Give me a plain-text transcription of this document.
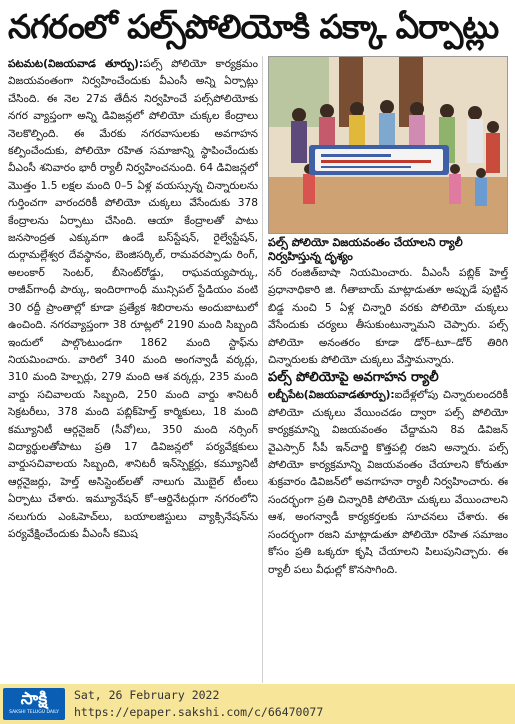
నగరంలో పల్స్‌పోలియోకి పక్కా ఏర్పాట్లు

పటమట(విజయవాడ తూర్పు):పల్స్ పోలియో కార్యక్రమం విజయవంతంగా నిర్వహించేందుకు వీఎంసీ అన్ని ఏర్పాట్లు చేసింది. ఈ నెల 27వ తేదీన నిర్వహించే పల్స్‌పోలియోకు నగర వ్యాప్తంగా అన్ని డివిజన్లలో పోలియో చుక్కల కేంద్రాలు నెలకొల్పింది. ఈ మేరకు నగరవాసులకు అవగాహన కల్పించేందుకు, పోలియో రహిత సమాజాన్ని స్థాపించేందుకు వీఎంసీ శనివారం భారీ ర్యాలీ నిర్వహించనుంది. 64 డివిజన్లలో మొత్తం 1.5 లక్షల మంది 0–5 ఏళ్ల వయస్సున్న చిన్నారులను గుర్తించగా వారందరికీ పోలియో చుక్కలు వేసేందుకు 378 కేంద్రాలను ఏర్పాటు చేసింది. ఆయా కేంద్రాలతో పాటు జనసాంద్రత ఎక్కువగా ఉండే బస్‌స్టేషన్, రైల్వేస్టేషన్, దుర్గామల్లేశ్వర దేవస్థానం, బెంజిసర్కిల్, రామవరప్పాడు రింగ్, అలంకార్ సెంటర్, బీసెంట్‌రోడ్డు, రాఘవయ్యపార్కు, రాజీవ్‌గాంధీ పార్కు, ఇందిరాగాంధీ మున్సిపల్ స్టేడియం వంటి 30 రద్దీ ప్రాంతాల్లో కూడా ప్రత్యేక శిబిరాలను అందుబాటులో ఉంచింది. నగరవ్యాప్తంగా 38 రూట్లలో 2190 మంది సిబ్బంది ఇందులో పాల్గొంటుండగా 1862 మంది స్టాఫ్‌ను నియమించారు. వారిలో 340 మంది అంగన్వాడీ వర్కర్లు, 310 మంది హెల్పర్లు, 279 మంది ఆశ వర్కర్లు, 235 మంది వార్డు సచివాలయ సిబ్బంది, 250 మంది వార్డు శానిటరీ సెక్రటరీలు, 378 మంది పబ్లిక్‌హెల్త్ కార్మికులు, 18 మంది కమ్యూనిటీ ఆర్గనైజర్ (సీవో)లు, 350 మంది నర్సింగ్ విద్యార్థులతోపాటు ప్రతి 17 డివిజన్లలో పర్యవేక్షకులు వార్డుసచివాలయ సిబ్బంది, శానిటరీ ఇన్‌స్పెక్టర్లు, కమ్యూనిటీ ఆర్గనైజర్లు, హెల్త్ అసిస్టెంట్‌లతో నాలుగు మొబైల్ టీంలు ఏర్పాటు చేశారు. ఇమ్యూనేషన్ కో–ఆర్డినేటర్లుగా నగరంలోని నలుగురు ఎంఓహెచ్‌లు, బయాలజిస్టులు వ్యాక్సినేషన్‌ను పర్యవేక్షించేందుకు వీఎంసీ కమిష

పల్స్ పోలియో విజయవంతం చేయాలని ర్యాలీ నిర్వహిస్తున్న దృశ్యం

నర్ రంజిత్‌బాషా నియమించారు. వీఎంసీ పబ్లిక్ హెల్త్ ప్రధానాధికారి జి. గీతాబాయ్ మాట్లాడుతూ అప్పుడే పుట్టిన బిడ్డ నుంచి 5 ఏళ్ల చిన్నారి వరకు పోలియో చుక్కలు వేసేందుకు చర్యలు తీసుకుంటున్నామని చెప్పారు. పల్స్ పోలియో అనంతరం కూడా డోర్–టూ–డోర్ తిరిగి చిన్నారులకు పోలియో చుక్కలు వేస్తామన్నారు.

పల్స్ పోలియోపై అవగాహన ర్యాలీ

లబ్బీపేట(విజయవాడతూర్పు):ఐదేళ్లలోపు చిన్నారులందరికీ పోలియో చుక్కలు వేయించడం ద్వారా పల్స్ పోలియో కార్యక్రమాన్ని విజయవంతం చేద్దామని 8వ డివిజన్ వైఎస్సార్ సీపీ ఇన్‌చార్జి కొత్తపల్లి రజని అన్నారు. పల్స్ పోలియో కార్యక్రమాన్ని విజయవంతం చేయాలని కోరుతూ శుక్రవారం డివిజన్‌లో అవగాహనా ర్యాలీ నిర్వహించారు. ఈ సందర్భంగా ప్రతి చిన్నారికి పోలియో చుక్కలు వేయించాలని ఆశ, అంగన్వాడీ కార్యకర్తలకు సూచనలు చేశారు. ఈ సందర్భంగా రజని మాట్లాడుతూ పోలియో రహిత సమాజం కోసం ప్రతి ఒక్కరూ కృషి చేయాలని పిలుపునిచ్చారు. ఈ ర్యాలీ పలు వీధుల్లో కొనసాగింది.

సాక్షి
SAKSHI TELUGU DAILY
Sat, 26 February 2022
https://epaper.sakshi.com/c/66470077
